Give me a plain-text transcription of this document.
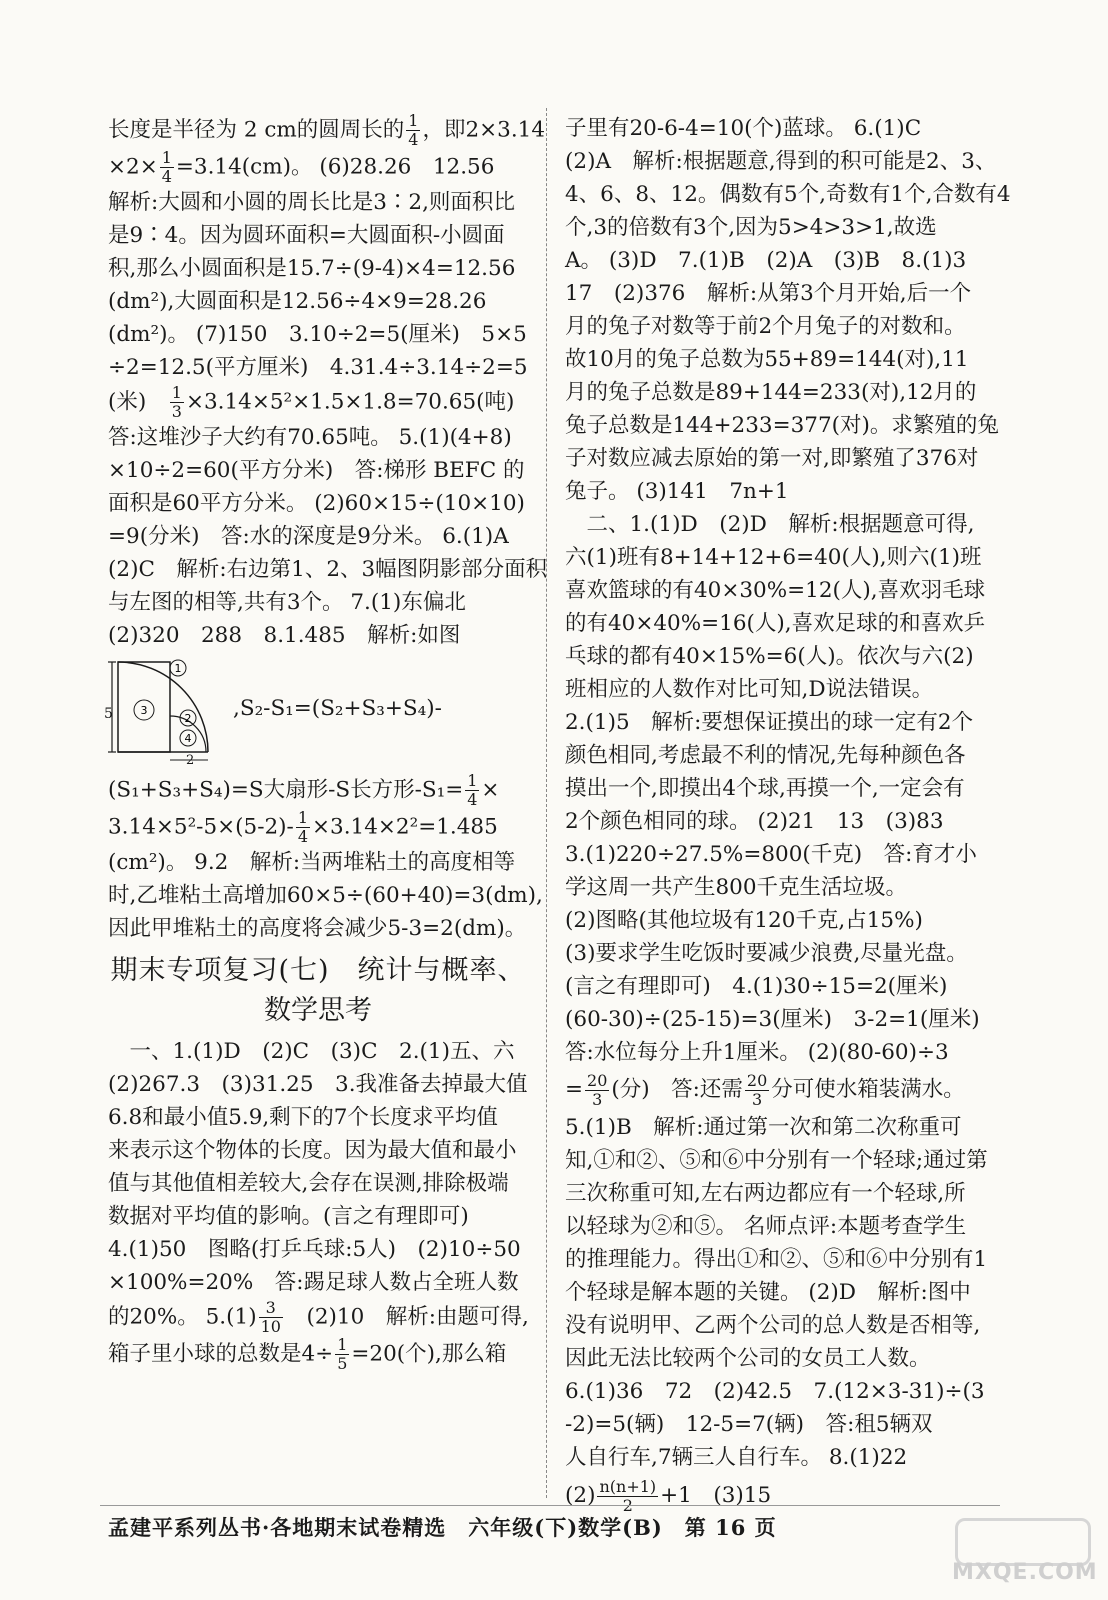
长度是半径为 2 cm的圆周长的 $\frac{1}{4}$ ，即2×3.14

$\times 2\times \frac{1}{4} =3.14(cm)$。 (6)28.26　12.56

解析:大圆和小圆的周长比是3∶2,则面积比

是9∶4。因为圆环面积=大圆面积-小圆面

积,那么小圆面积是15.7÷(9-4)×4=12.56

(dm²),大圆面积是12.56÷4×9=28.26

(dm²)。 (7)150　3.10÷2=5(厘米)　5×5

÷2=12.5(平方厘米)　4.31.4÷3.14÷2=5

(米)　 $\frac{1}{3} \times 3.14\times 5^2\times 1.5\times 1.8=70.65$(吨)

答:这堆沙子大约有70.65吨。 5.(1)(4+8)

×10÷2=60(平方分米)　答:梯形 BEFC 的

面积是60平方分米。 (2)60×15÷(10×10)

=9(分米)　答:水的深度是9分米。 6.(1)A

(2)C　解析:右边第1、2、3幅图阴影部分面积

与左图的相等,共有3个。 7.(1)东偏北

(2)320　288　8.1.485　解析:如图

1
3
2
4
5
2
,S₂-S₁=(S₂+S₃+S₄)-

(S₁+S₃+S₄)=S大扇形-S长方形$-S_1= \frac{1}{4}$ ×

$3.14\times 5^2-5\times(5-2)- \frac{1}{4} \times 3.14\times 2^2=1.485$

(cm²)。 9.2　解析:当两堆粘土的高度相等

时,乙堆粘土高增加60×5÷(60+40)=3(dm),

因此甲堆粘土的高度将会减少5-3=2(dm)。

期末专项复习(七)　统计与概率、
数学思考

　一、1.(1)D　(2)C　(3)C　2.(1)五、六

(2)267.3　(3)31.25　3.我准备去掉最大值

6.8和最小值5.9,剩下的7个长度求平均值

来表示这个物体的长度。因为最大值和最小

值与其他值相差较大,会存在误测,排除极端

数据对平均值的影响。(言之有理即可)

4.(1)50　图略(打乒乓球:5人)　(2)10÷50

×100%=20%　答:踢足球人数占全班人数

的20%。 $5.(1) \frac{3}{10}$ 　(2)10　解析:由题可得,

箱子里小球的总数是$4\div \frac{1}{5} =20$(个),那么箱

子里有20-6-4=10(个)蓝球。 6.(1)C

(2)A　解析:根据题意,得到的积可能是2、3、

4、6、8、12。偶数有5个,奇数有1个,合数有4

个,3的倍数有3个,因为5>4>3>1,故选

A。 (3)D　7.(1)B　(2)A　(3)B　8.(1)3

17　(2)376　解析:从第3个月开始,后一个

月的兔子对数等于前2个月兔子的对数和。

故10月的兔子总数为55+89=144(对),11

月的兔子总数是89+144=233(对),12月的

兔子总数是144+233=377(对)。求繁殖的兔

子对数应减去原始的第一对,即繁殖了376对

兔子。 (3)141　7n+1

　二、1.(1)D　(2)D　解析:根据题意可得,

六(1)班有8+14+12+6=40(人),则六(1)班

喜欢篮球的有40×30%=12(人),喜欢羽毛球

的有40×40%=16(人),喜欢足球的和喜欢乒

乓球的都有40×15%=6(人)。依次与六(2)

班相应的人数作对比可知,D说法错误。

2.(1)5　解析:要想保证摸出的球一定有2个

颜色相同,考虑最不利的情况,先每种颜色各

摸出一个,即摸出4个球,再摸一个,一定会有

2个颜色相同的球。 (2)21　13　(3)83

3.(1)220÷27.5%=800(千克)　答:育才小

学这周一共产生800千克生活垃圾。

(2)图略(其他垃圾有120千克,占15%)

(3)要求学生吃饭时要减少浪费,尽量光盘。

(言之有理即可)　4.(1)30÷15=2(厘米)

(60-30)÷(25-15)=3(厘米)　3-2=1(厘米)

答:水位每分上升1厘米。 (2)(80-60)÷3

= $\frac{20}{3}$ (分)　答:还需 $\frac{20}{3}$ 分可使水箱装满水。

5.(1)B　解析:通过第一次和第二次称重可

知,①和②、⑤和⑥中分别有一个轻球;通过第

三次称重可知,左右两边都应有一个轻球,所

以轻球为②和⑤。 名师点评:本题考查学生

的推理能力。得出①和②、⑤和⑥中分别有1

个轻球是解本题的关键。 (2)D　解析:图中

没有说明甲、乙两个公司的总人数是否相等,

因此无法比较两个公司的女员工人数。

6.(1)36　72　(2)42.5　7.(12×3-31)÷(3

-2)=5(辆)　12-5=7(辆)　答:租5辆双

人自行车,7辆三人自行车。 8.(1)22

$(2) \frac{n(n+1)}{2} +1$　(3)15

孟建平系列丛书·各地期末试卷精选　六年级(下)数学(B)　第 16 页
MXQE.COM
